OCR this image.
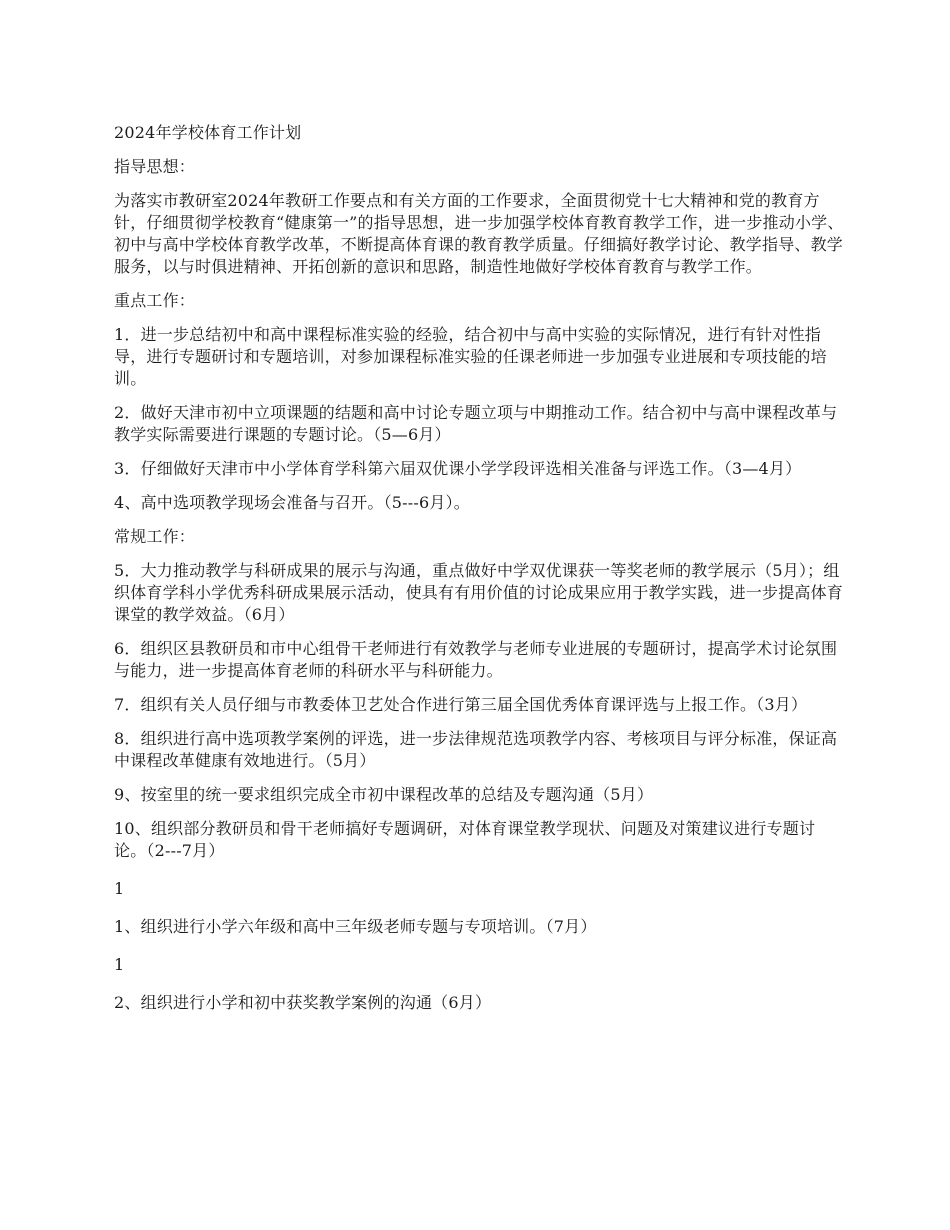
2024年学校体育工作计划

指导思想：

为落实市教研室2024年教研工作要点和有关方面的工作要求，全面贯彻党十七大精神和党的教育方针，仔细贯彻学校教育“健康第一”的指导思想，进一步加强学校体育教育教学工作，进一步推动小学、初中与高中学校体育教学改革，不断提高体育课的教育教学质量。仔细搞好教学讨论、教学指导、教学服务，以与时俱进精神、开拓创新的意识和思路，制造性地做好学校体育教育与教学工作。

重点工作：

1．进一步总结初中和高中课程标准实验的经验，结合初中与高中实验的实际情况，进行有针对性指导，进行专题研讨和专题培训，对参加课程标准实验的任课老师进一步加强专业进展和专项技能的培训。

2．做好天津市初中立项课题的结题和高中讨论专题立项与中期推动工作。结合初中与高中课程改革与教学实际需要进行课题的专题讨论。（5—6月）

3．仔细做好天津市中小学体育学科第六届双优课小学学段评选相关准备与评选工作。（3—4月）

4、高中选项教学现场会准备与召开。（5---6月）。

常规工作：

5．大力推动教学与科研成果的展示与沟通，重点做好中学双优课获一等奖老师的教学展示（5月）；组织体育学科小学优秀科研成果展示活动，使具有有用价值的讨论成果应用于教学实践，进一步提高体育课堂的教学效益。（6月）

6．组织区县教研员和市中心组骨干老师进行有效教学与老师专业进展的专题研讨，提高学术讨论氛围与能力，进一步提高体育老师的科研水平与科研能力。

7．组织有关人员仔细与市教委体卫艺处合作进行第三届全国优秀体育课评选与上报工作。（3月）

8．组织进行高中选项教学案例的评选，进一步法律规范选项教学内容、考核项目与评分标准，保证高中课程改革健康有效地进行。（5月）

9、按室里的统一要求组织完成全市初中课程改革的总结及专题沟通（5月）

10、组织部分教研员和骨干老师搞好专题调研，对体育课堂教学现状、问题及对策建议进行专题讨论。（2---7月）

1

1、组织进行小学六年级和高中三年级老师专题与专项培训。（7月）

1

2、组织进行小学和初中获奖教学案例的沟通（6月）
